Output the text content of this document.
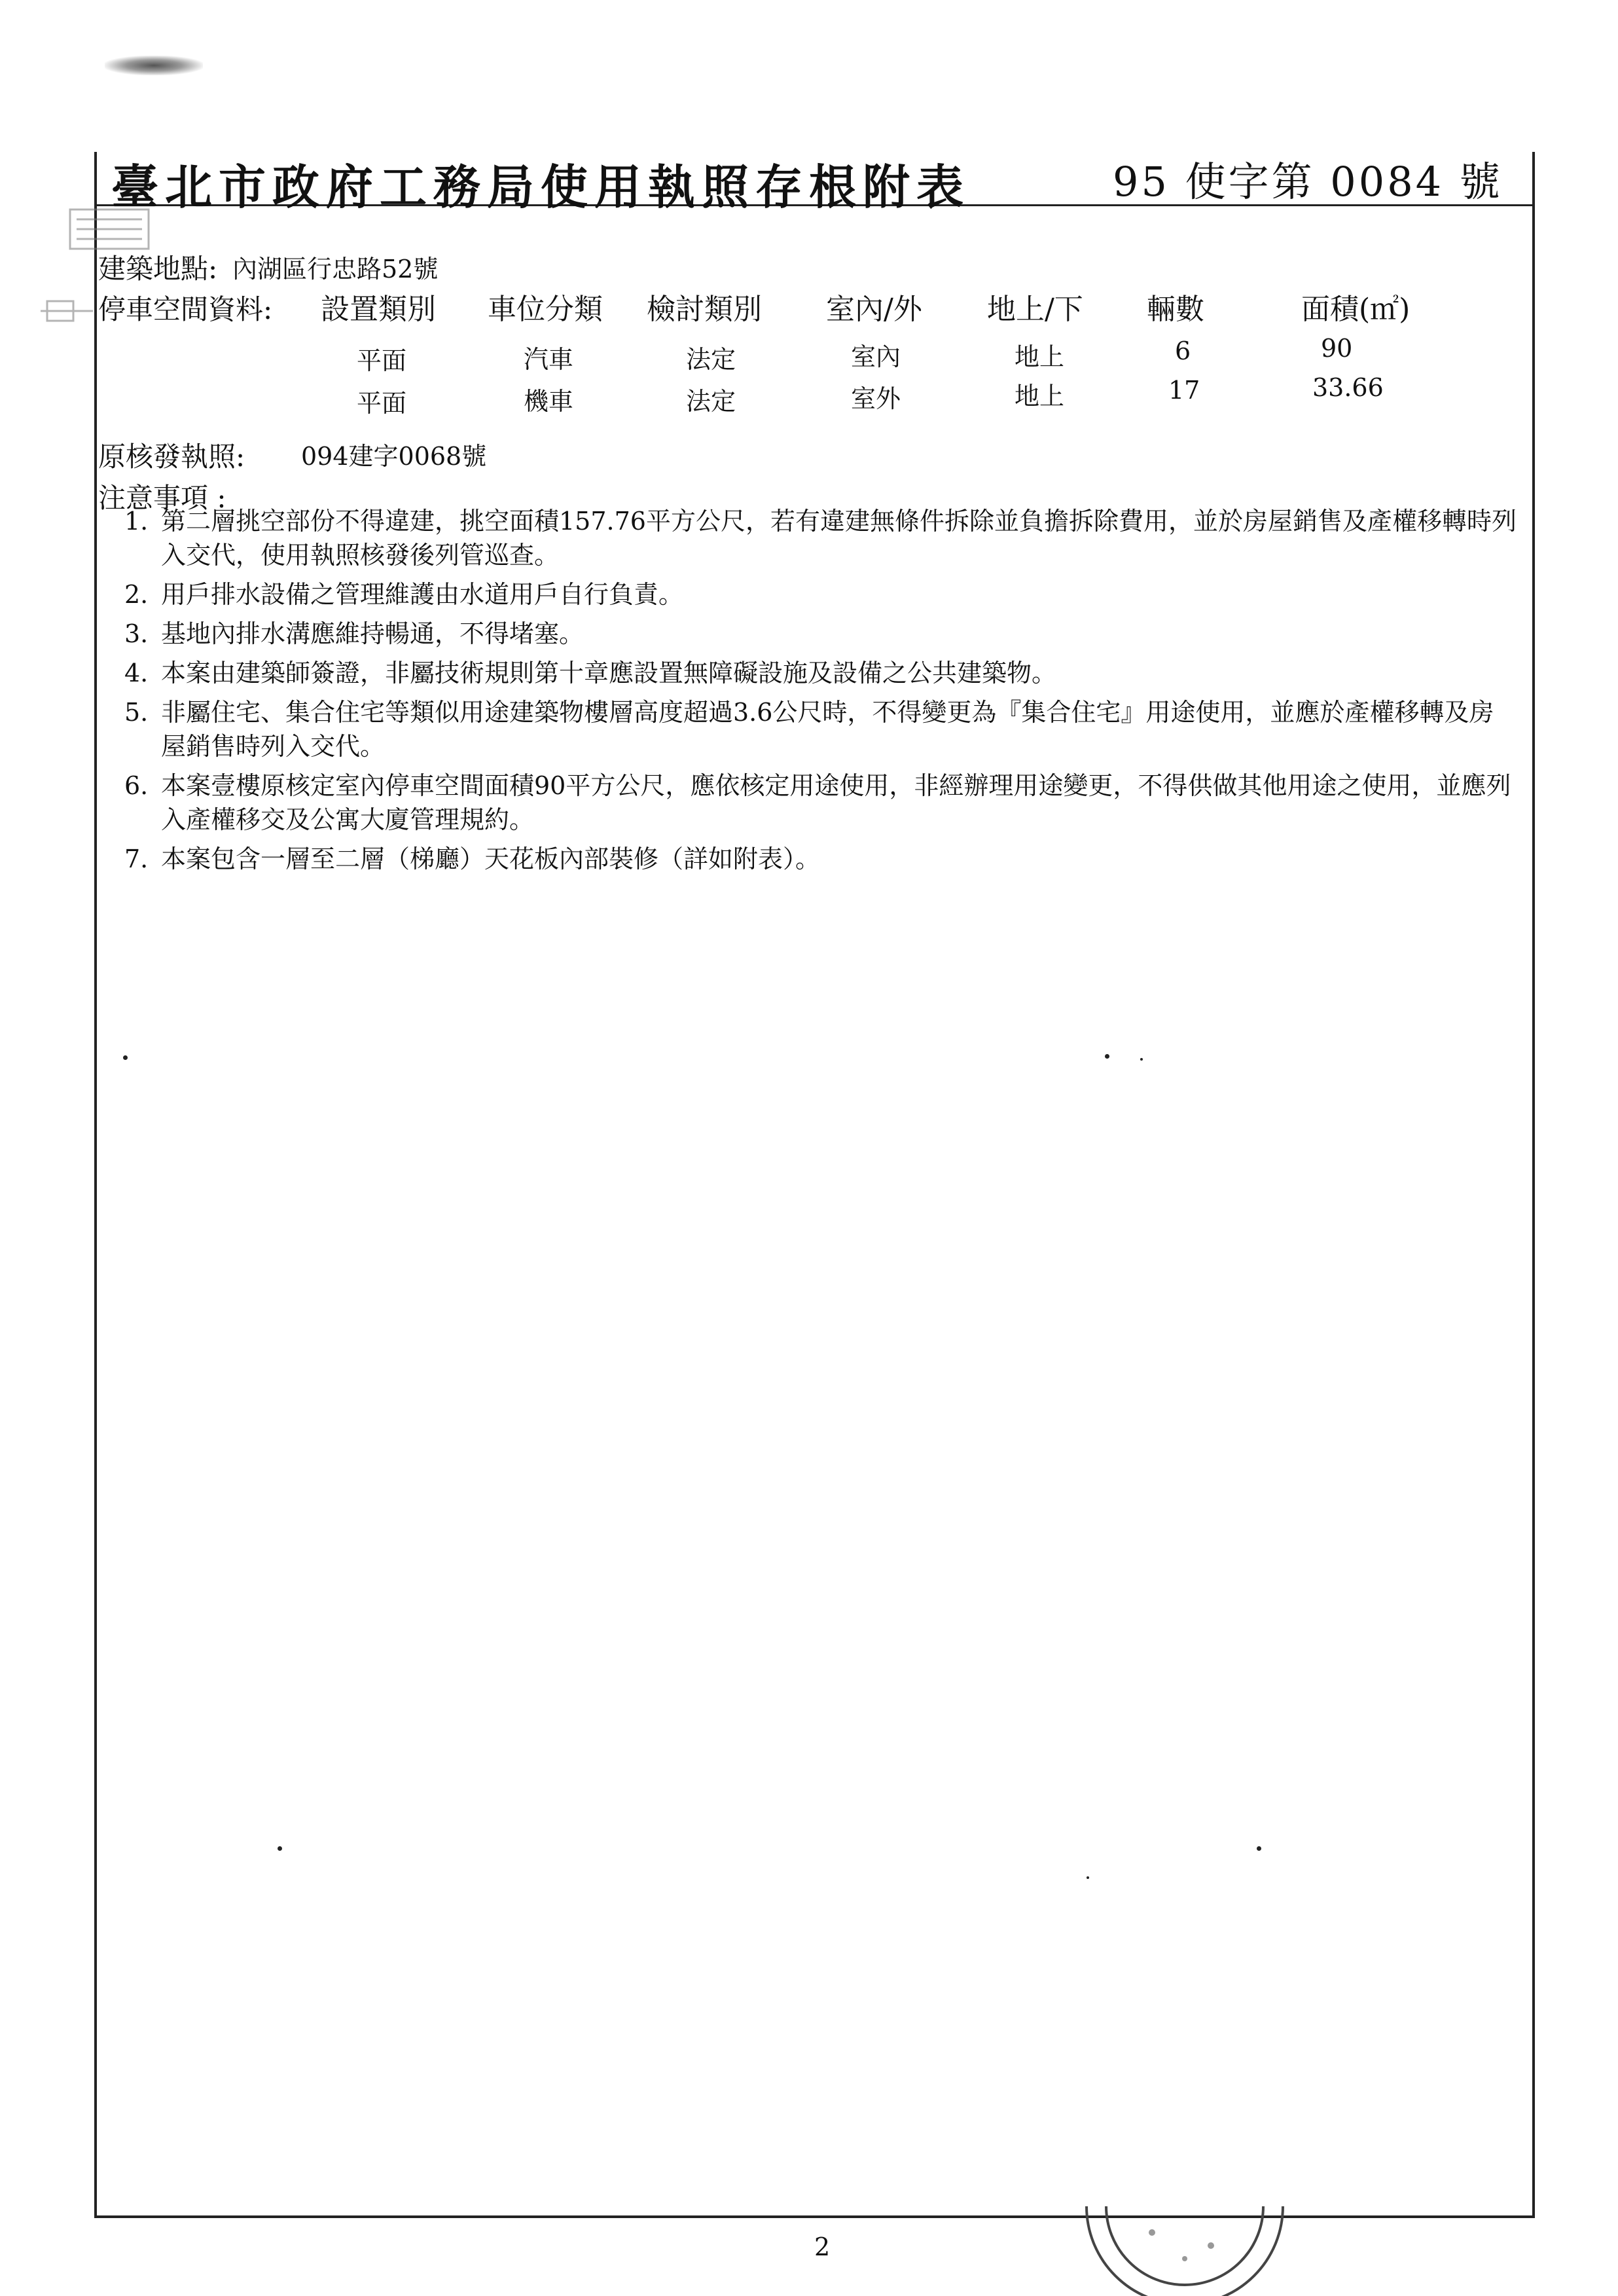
臺北市政府工務局使用執照存根附表	95 使字第 0084 號
建築地點: 內湖區行忠路52號
停車空間資料: 設置類別 車位分類 檢討類別 室內/外 地上/下 輛數	面積(㎡)
平面	汽車	法定	室內	地上	6	90
平面	機車	法定	室外	地上	17	33.66
原核發執照: 094建字0068號
注意事項 :
1. 第二層挑空部份不得違建，挑空面積157.76平方公尺，若有違建無條件拆除並負擔拆除費用，並於房屋銷售及產權移轉時列入交代，使用執照核發後列管巡查。
2. 用戶排水設備之管理維護由水道用戶自行負責。
3. 基地內排水溝應維持暢通，不得堵塞。
4. 本案由建築師簽證，非屬技術規則第十章應設置無障礙設施及設備之公共建築物。
5. 非屬住宅、集合住宅等類似用途建築物樓層高度超過3.6公尺時，不得變更為『集合住宅』用途使用，並應於產權移轉及房屋銷售時列入交代。
6. 本案壹樓原核定室內停車空間面積90平方公尺，應依核定用途使用，非經辦理用途變更，不得供做其他用途之使用，並應列入產權移交及公寓大廈管理規約。
7. 本案包含一層至二層（梯廳）天花板內部裝修（詳如附表）。
2
